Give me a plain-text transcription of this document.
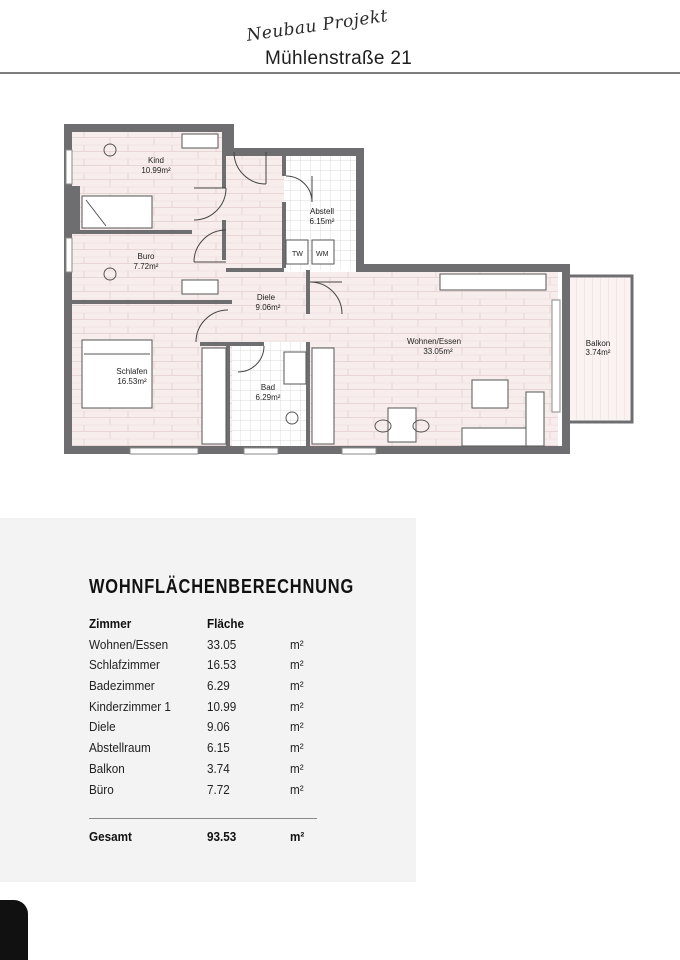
Neubau Projekt
Mühlenstraße 21
TW WM
Kind
10.99m²
Buro
7.72m²
Abstell
6.15m²
Diele
9.06m²
Wohnen/Essen
33.05m²
Balkon
3.74m²
Schlafen
16.53m²
Bad
6.29m²
WOHNFLÄCHENBERECHNUNG
Zimmer	Fläche
Wohnen/Essen	33.05	m²
Schlafzimmer	16.53	m²
Badezimmer	6.29	m²
Kinderzimmer 1	10.99	m²
Diele	9.06	m²
Abstellraum	6.15	m²
Balkon	3.74	m²
Büro	7.72	m²
Gesamt	93.53	m²
